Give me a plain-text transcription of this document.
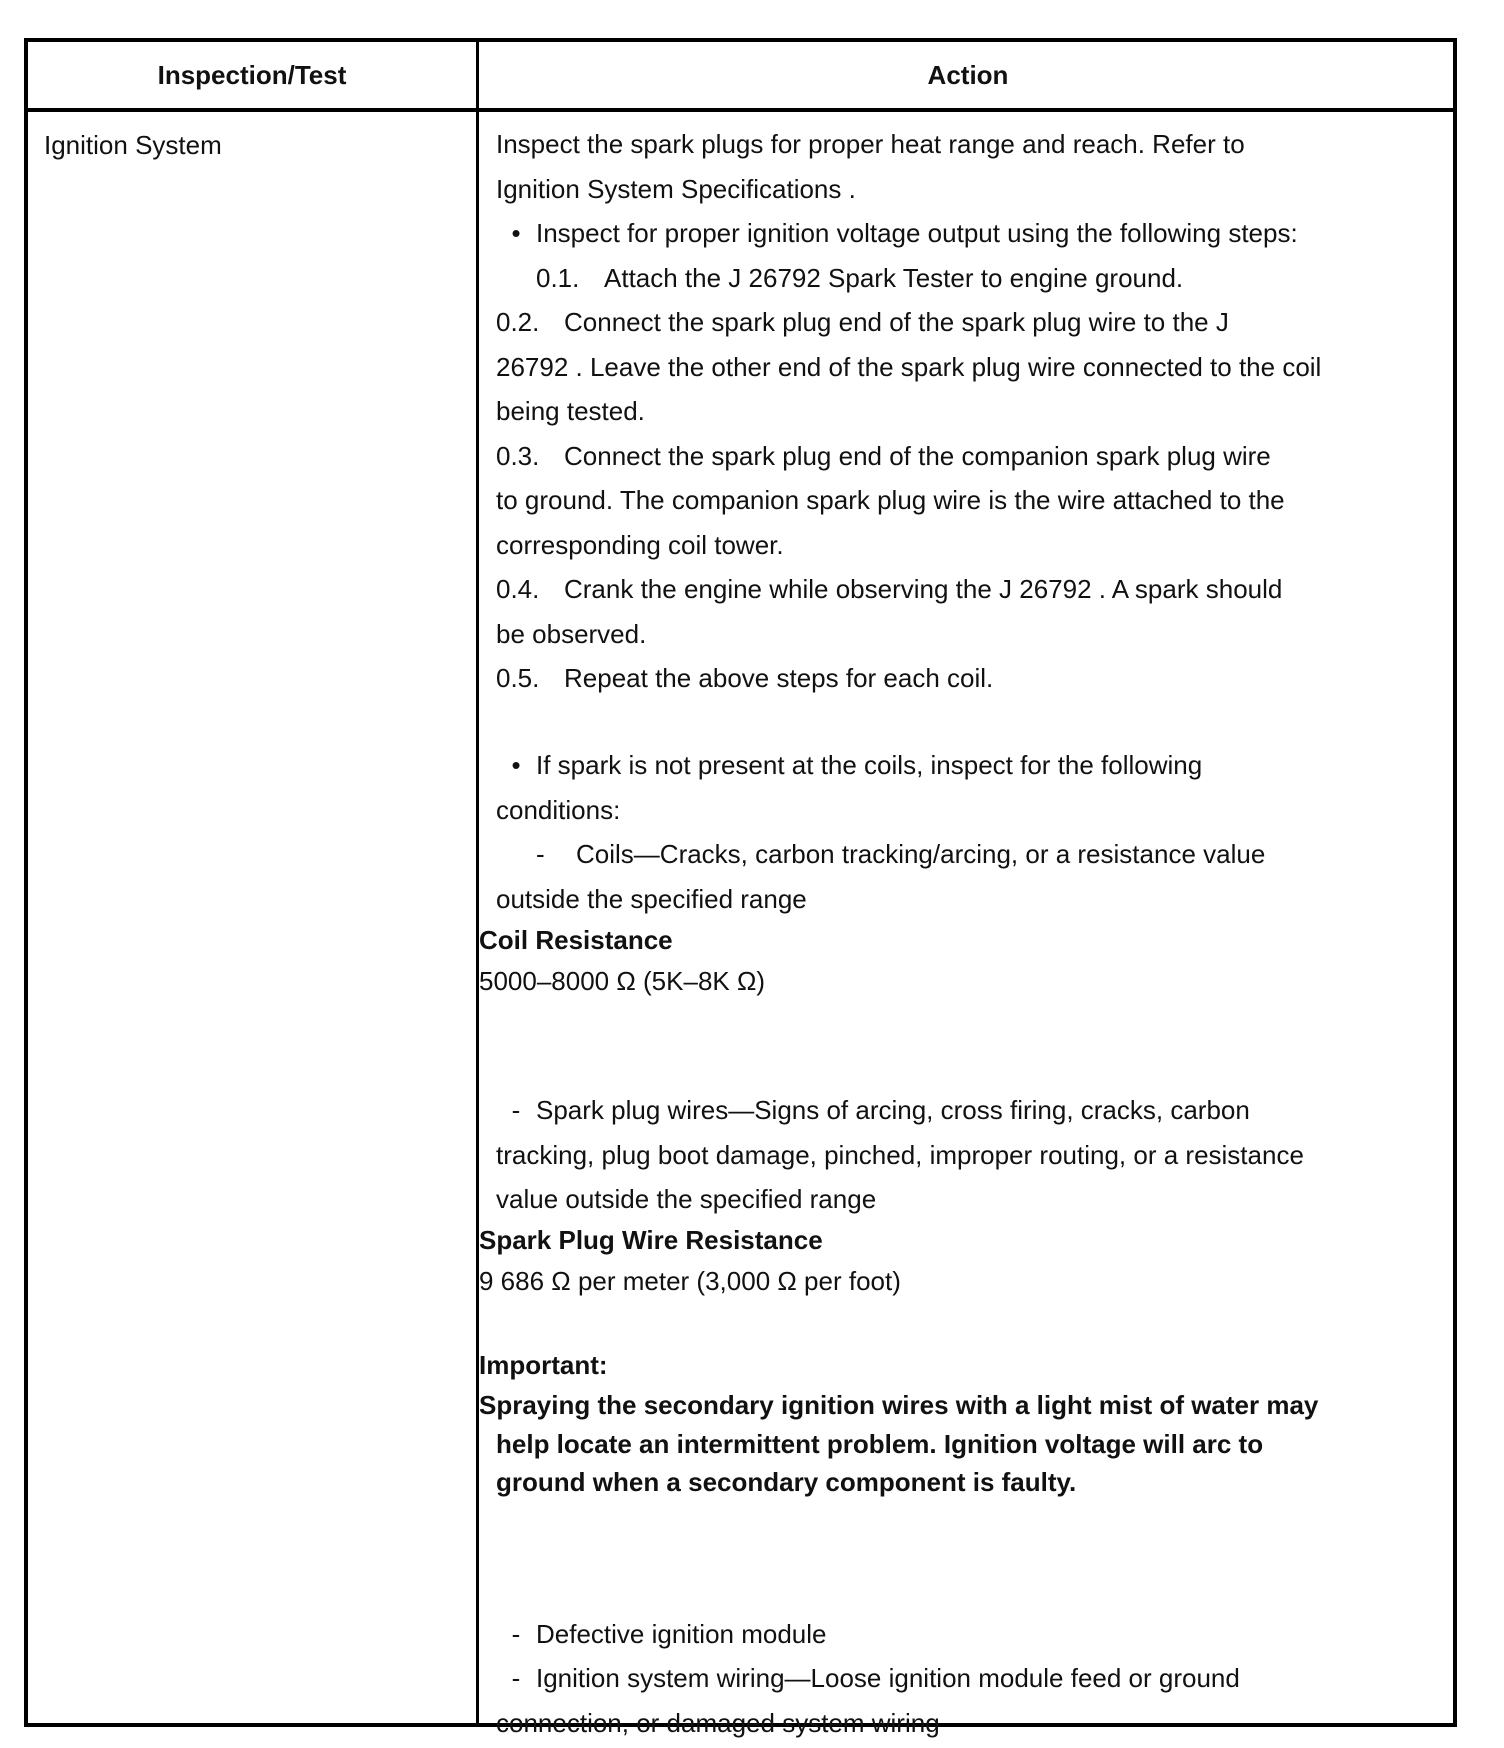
Inspection/Test	Action
Ignition System	Inspect the spark plugs for proper heat range and reach. Refer to
Ignition System Specifications .
• Inspect for proper ignition voltage output using the following steps:
0.1. Attach the J 26792 Spark Tester to engine ground.
0.2. Connect the spark plug end of the spark plug wire to the J
26792 . Leave the other end of the spark plug wire connected to the coil
being tested.
0.3. Connect the spark plug end of the companion spark plug wire
to ground. The companion spark plug wire is the wire attached to the
corresponding coil tower.
0.4. Crank the engine while observing the J 26792 . A spark should
be observed.
0.5. Repeat the above steps for each coil.
• If spark is not present at the coils, inspect for the following
conditions:
- Coils—Cracks, carbon tracking/arcing, or a resistance value
outside the specified range
Coil Resistance
5000–8000 Ω (5K–8K Ω)
- Spark plug wires—Signs of arcing, cross firing, cracks, carbon
tracking, plug boot damage, pinched, improper routing, or a resistance
value outside the specified range
Spark Plug Wire Resistance
9 686 Ω per meter (3,000 Ω per foot)
Important:
Spraying the secondary ignition wires with a light mist of water may
help locate an intermittent problem. Ignition voltage will arc to
ground when a secondary component is faulty.
- Defective ignition module
- Ignition system wiring—Loose ignition module feed or ground
connection, or damaged system wiring
